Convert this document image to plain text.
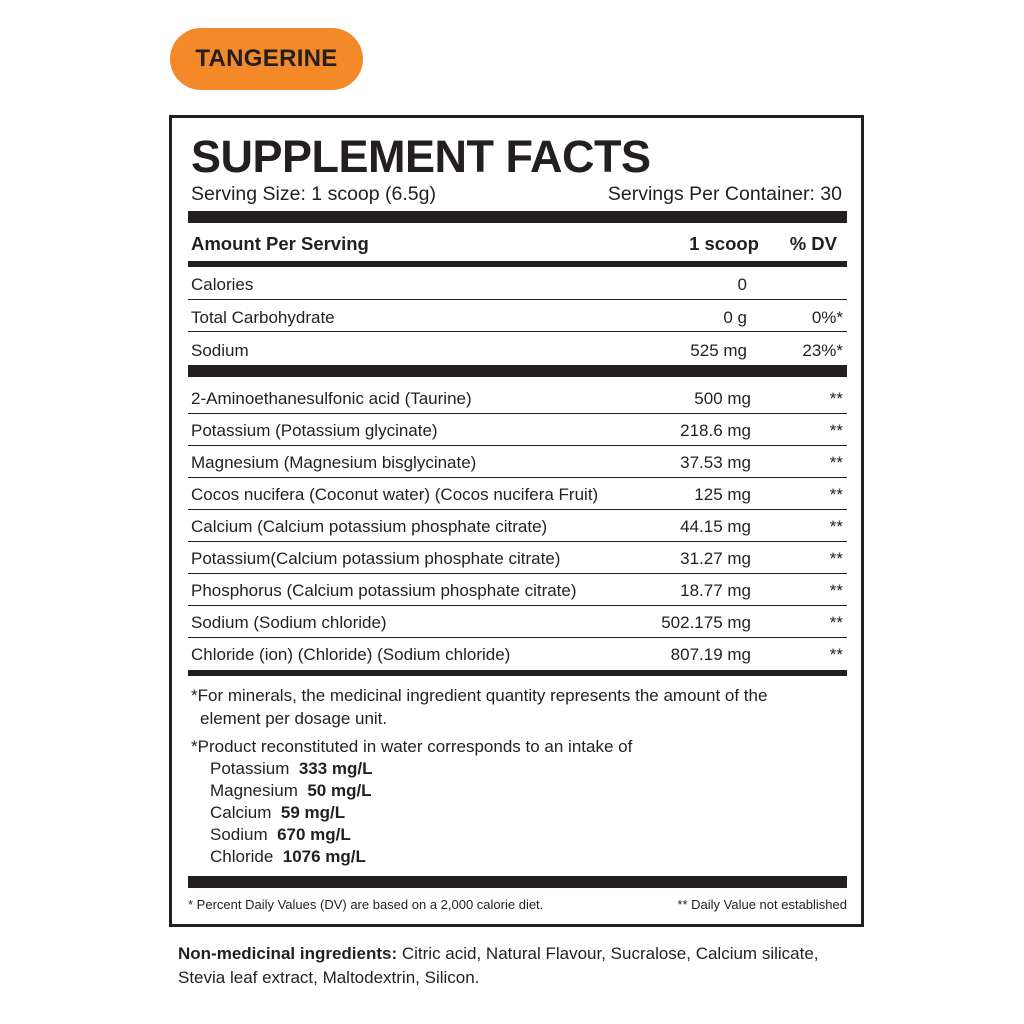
TANGERINE
SUPPLEMENT FACTS
Serving Size: 1 scoop (6.5g)	Servings Per Container: 30
Amount Per Serving	1 scoop % DV
Calories	0
Total Carbohydrate	0 g	0%*
Sodium	525 mg	23%*
2-Aminoethanesulfonic acid (Taurine)	500 mg	**
Potassium (Potassium glycinate)	218.6 mg	**
Magnesium (Magnesium bisglycinate)	37.53 mg	**
Cocos nucifera (Coconut water) (Cocos nucifera Fruit)	125 mg	**
Calcium (Calcium potassium phosphate citrate)	44.15 mg	**
Potassium(Calcium potassium phosphate citrate)	31.27 mg	**
Phosphorus (Calcium potassium phosphate citrate)	18.77 mg	**
Sodium (Sodium chloride)	502.175 mg	**
Chloride (ion) (Chloride) (Sodium chloride)	807.19 mg	**
*For minerals, the medicinal ingredient quantity represents the amount of the
element per dosage unit.
*Product reconstituted in water corresponds to an intake of
Potassium 333 mg/L
Magnesium 50 mg/L
Calcium 59 mg/L
Sodium 670 mg/L
Chloride 1076 mg/L
* Percent Daily Values (DV) are based on a 2,000 calorie diet.	** Daily Value not established
Non-medicinal ingredients: Citric acid, Natural Flavour, Sucralose, Calcium silicate, Stevia leaf extract, Maltodextrin, Silicon.
